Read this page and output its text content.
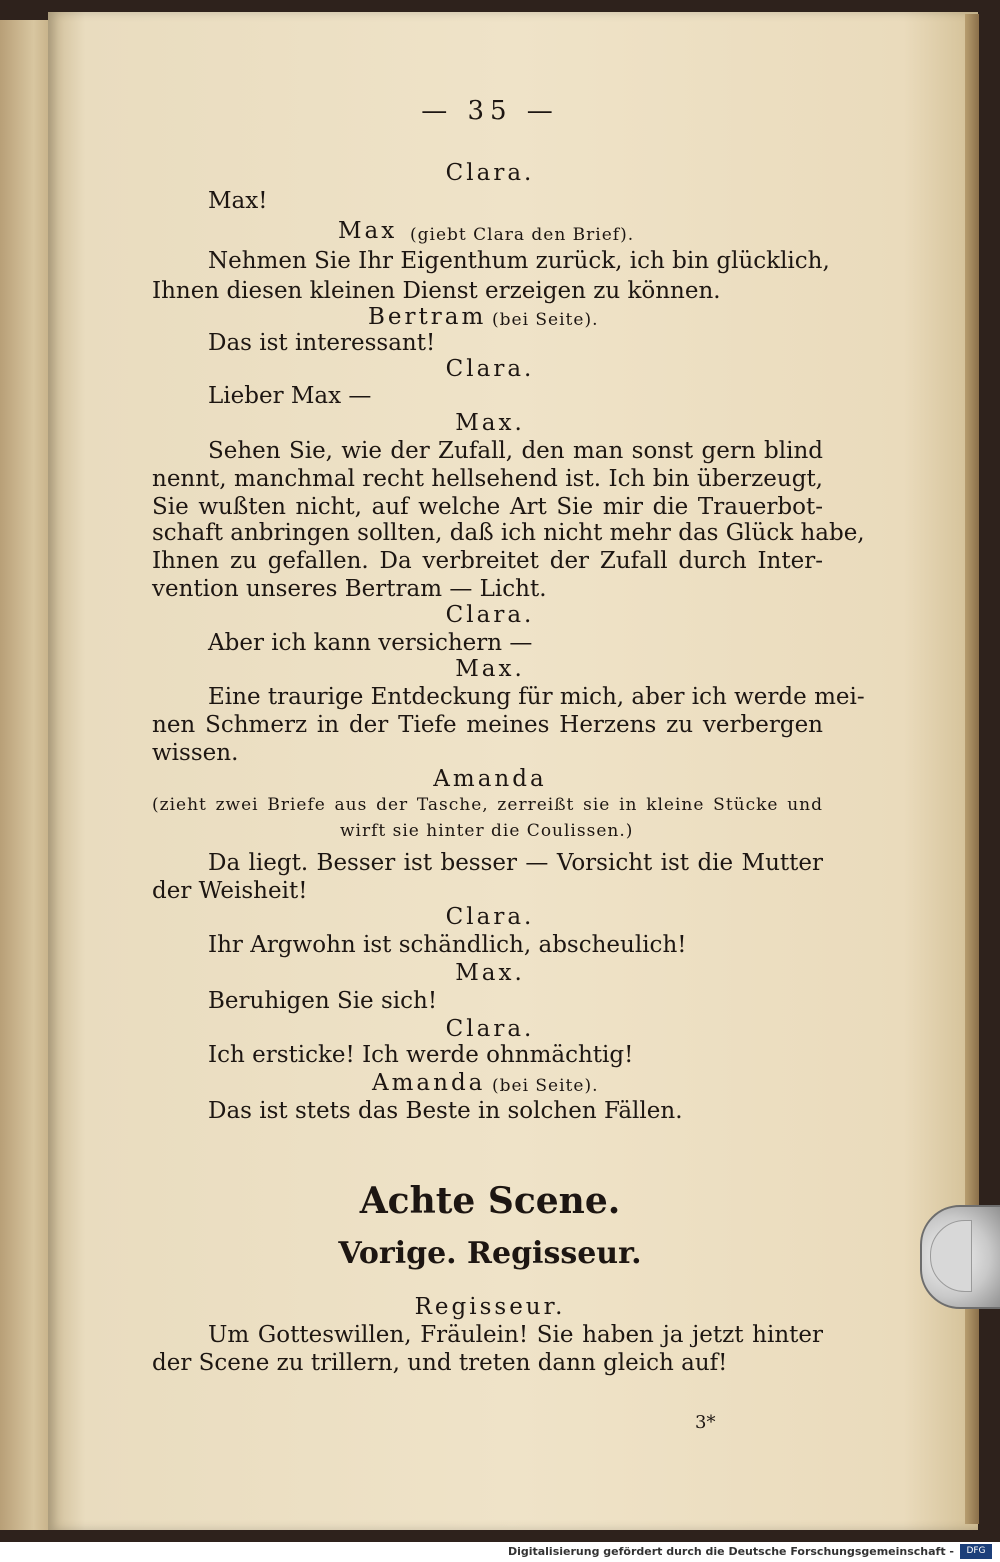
— 35 —
Clara.
Max!
Max (giebt Clara den Brief).
Nehmen Sie Ihr Eigenthum zurück, ich bin glücklich,
Ihnen diesen kleinen Dienst erzeigen zu können.
Bertram (bei Seite).
Das ist interessant!
Clara.
Lieber Max —
Max.
Sehen Sie, wie der Zufall, den man sonst gern blind
nennt, manchmal recht hellsehend ist. Ich bin überzeugt,
Sie wußten nicht, auf welche Art Sie mir die Trauerbot-
schaft anbringen sollten, daß ich nicht mehr das Glück habe,
Ihnen zu gefallen. Da verbreitet der Zufall durch Inter-
vention unseres Bertram — Licht.
Clara.
Aber ich kann versichern —
Max.
Eine traurige Entdeckung für mich, aber ich werde mei-
nen Schmerz in der Tiefe meines Herzens zu verbergen
wissen.
Amanda
(zieht zwei Briefe aus der Tasche, zerreißt sie in kleine Stücke und
wirft sie hinter die Coulissen.)
Da liegt. Besser ist besser — Vorsicht ist die Mutter
der Weisheit!
Clara.
Ihr Argwohn ist schändlich, abscheulich!
Max.
Beruhigen Sie sich!
Clara.
Ich ersticke! Ich werde ohnmächtig!
Amanda (bei Seite).
Das ist stets das Beste in solchen Fällen.
Achte Scene.
Vorige. Regisseur.
Regisseur.
Um Gotteswillen, Fräulein! Sie haben ja jetzt hinter
der Scene zu trillern, und treten dann gleich auf!
3*
Digitalisierung gefördert durch die Deutsche Forschungsgemeinschaft -	DFG
